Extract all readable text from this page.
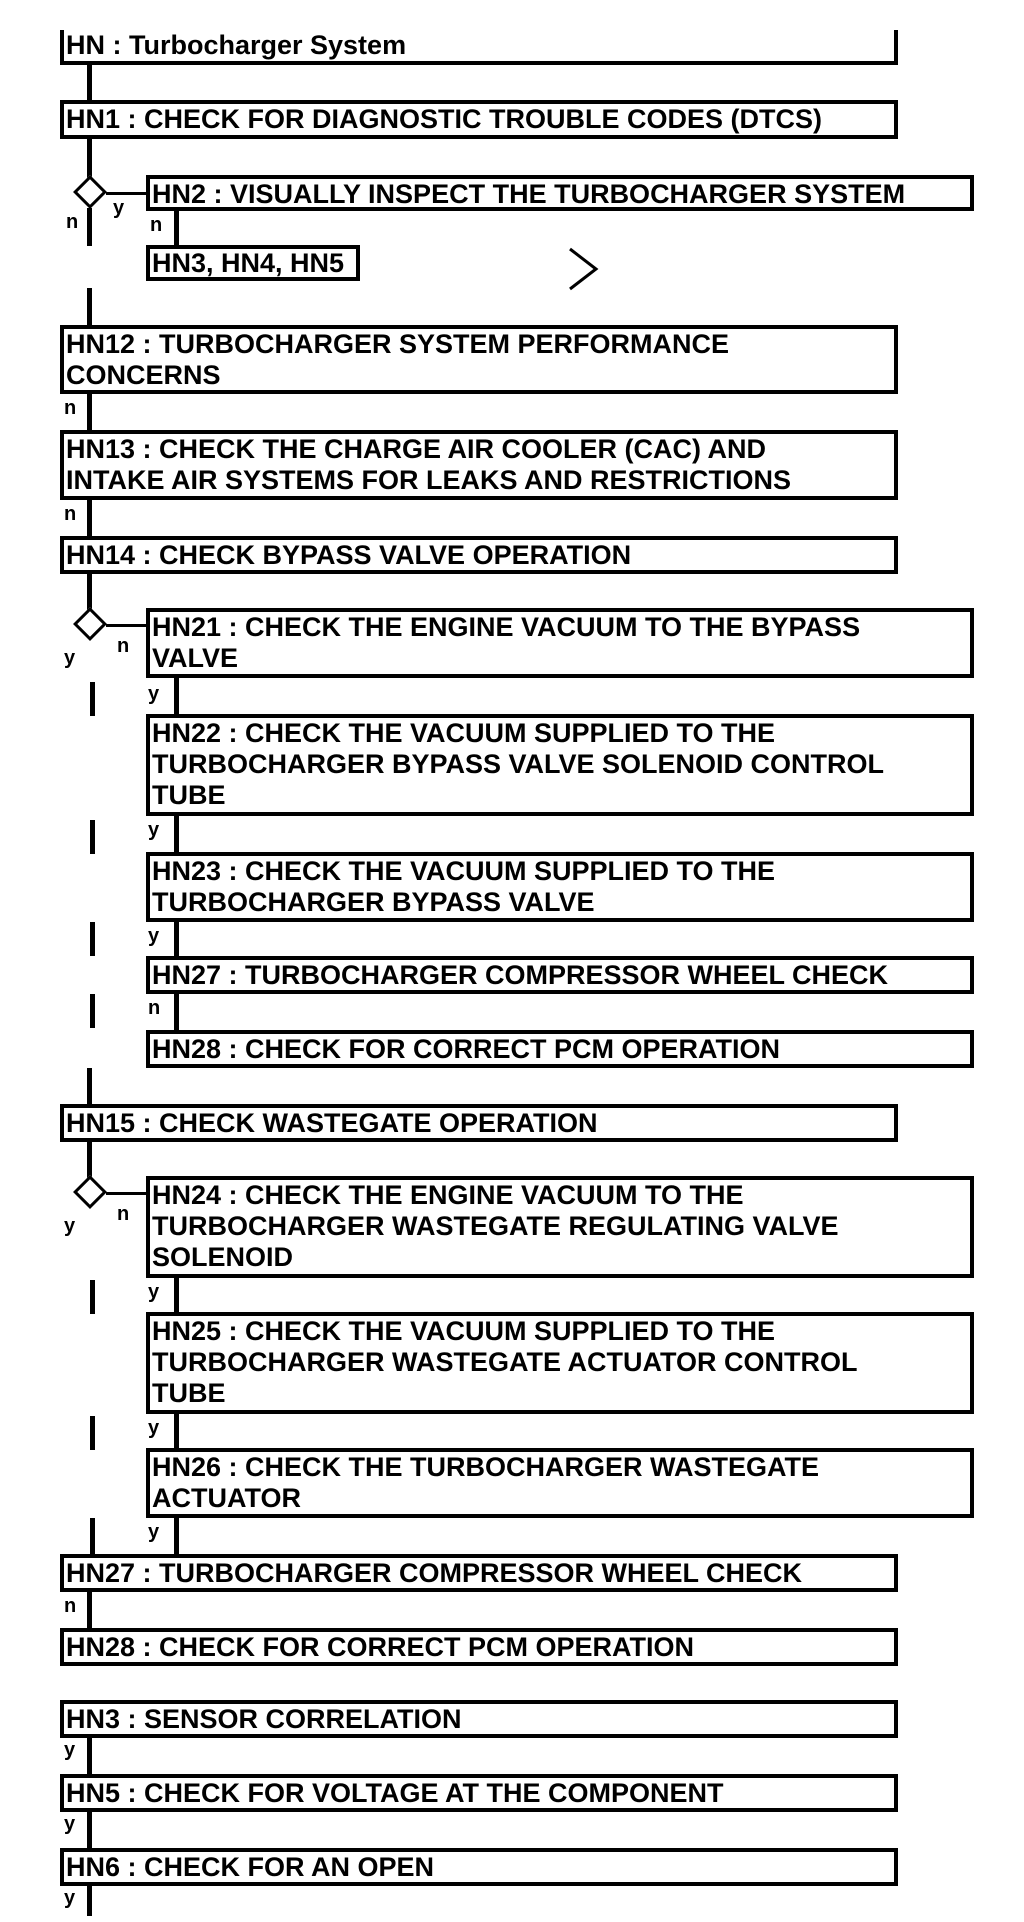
HN : Turbocharger System
HN1 : CHECK FOR DIAGNOSTIC TROUBLE CODES (DTCS)
y
n
HN2 : VISUALLY INSPECT THE TURBOCHARGER SYSTEM
n
HN3, HN4, HN5
HN12 : TURBOCHARGER SYSTEM PERFORMANCE
CONCERNS
n
HN13 : CHECK THE CHARGE AIR COOLER (CAC) AND
INTAKE AIR SYSTEMS FOR LEAKS AND RESTRICTIONS
n
HN14 : CHECK BYPASS VALVE OPERATION
n
y
HN21 : CHECK THE ENGINE VACUUM TO THE BYPASS
VALVE
y
HN22 : CHECK THE VACUUM SUPPLIED TO THE
TURBOCHARGER BYPASS VALVE SOLENOID CONTROL
TUBE
y
HN23 : CHECK THE VACUUM SUPPLIED TO THE
TURBOCHARGER BYPASS VALVE
y
HN27 : TURBOCHARGER COMPRESSOR WHEEL CHECK
n
HN28 : CHECK FOR CORRECT PCM OPERATION
HN15 : CHECK WASTEGATE OPERATION
n
y
HN24 : CHECK THE ENGINE VACUUM TO THE
TURBOCHARGER WASTEGATE REGULATING VALVE
SOLENOID
y
HN25 : CHECK THE VACUUM SUPPLIED TO THE
TURBOCHARGER WASTEGATE ACTUATOR CONTROL
TUBE
y
HN26 : CHECK THE TURBOCHARGER WASTEGATE
ACTUATOR
y
HN27 : TURBOCHARGER COMPRESSOR WHEEL CHECK
n
HN28 : CHECK FOR CORRECT PCM OPERATION
HN3 : SENSOR CORRELATION
y
HN5 : CHECK FOR VOLTAGE AT THE COMPONENT
y
HN6 : CHECK FOR AN OPEN
y
